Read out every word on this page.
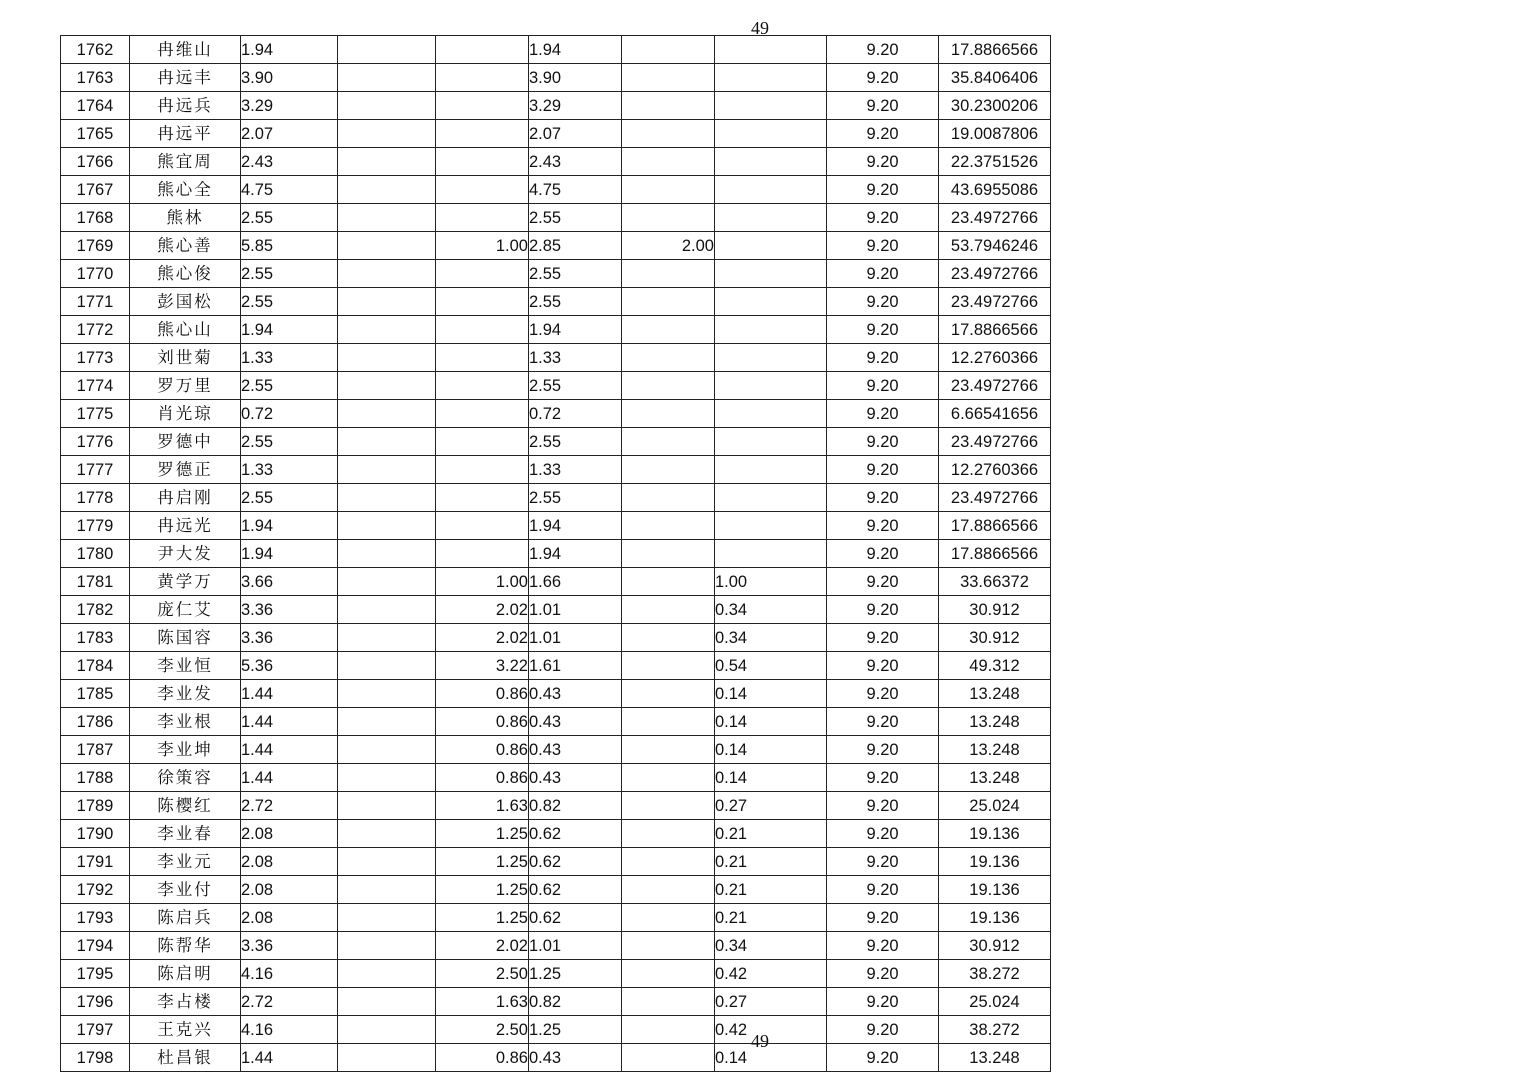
49
1762	冉维山	1.94			1.94			9.20	17.8866566
1763	冉远丰	3.90			3.90			9.20	35.8406406
1764	冉远兵	3.29			3.29			9.20	30.2300206
1765	冉远平	2.07			2.07			9.20	19.0087806
1766	熊宜周	2.43			2.43			9.20	22.3751526
1767	熊心全	4.75			4.75			9.20	43.6955086
1768	熊林	2.55			2.55			9.20	23.4972766
1769	熊心善	5.85		1.00	2.85	2.00		9.20	53.7946246
1770	熊心俊	2.55			2.55			9.20	23.4972766
1771	彭国松	2.55			2.55			9.20	23.4972766
1772	熊心山	1.94			1.94			9.20	17.8866566
1773	刘世菊	1.33			1.33			9.20	12.2760366
1774	罗万里	2.55			2.55			9.20	23.4972766
1775	肖光琼	0.72			0.72			9.20	6.66541656
1776	罗德中	2.55			2.55			9.20	23.4972766
1777	罗德正	1.33			1.33			9.20	12.2760366
1778	冉启刚	2.55			2.55			9.20	23.4972766
1779	冉远光	1.94			1.94			9.20	17.8866566
1780	尹大发	1.94			1.94			9.20	17.8866566
1781	黄学万	3.66		1.00	1.66		1.00	9.20	33.66372
1782	庞仁艾	3.36		2.02	1.01		0.34	9.20	30.912
1783	陈国容	3.36		2.02	1.01		0.34	9.20	30.912
1784	李业恒	5.36		3.22	1.61		0.54	9.20	49.312
1785	李业发	1.44		0.86	0.43		0.14	9.20	13.248
1786	李业根	1.44		0.86	0.43		0.14	9.20	13.248
1787	李业坤	1.44		0.86	0.43		0.14	9.20	13.248
1788	徐策容	1.44		0.86	0.43		0.14	9.20	13.248
1789	陈樱红	2.72		1.63	0.82		0.27	9.20	25.024
1790	李业春	2.08		1.25	0.62		0.21	9.20	19.136
1791	李业元	2.08		1.25	0.62		0.21	9.20	19.136
1792	李业付	2.08		1.25	0.62		0.21	9.20	19.136
1793	陈启兵	2.08		1.25	0.62		0.21	9.20	19.136
1794	陈帮华	3.36		2.02	1.01		0.34	9.20	30.912
1795	陈启明	4.16		2.50	1.25		0.42	9.20	38.272
1796	李占楼	2.72		1.63	0.82		0.27	9.20	25.024
1797	王克兴	4.16		2.50	1.25		0.42	9.20	38.272
1798	杜昌银	1.44		0.86	0.43		0.14	9.20	13.248
49
